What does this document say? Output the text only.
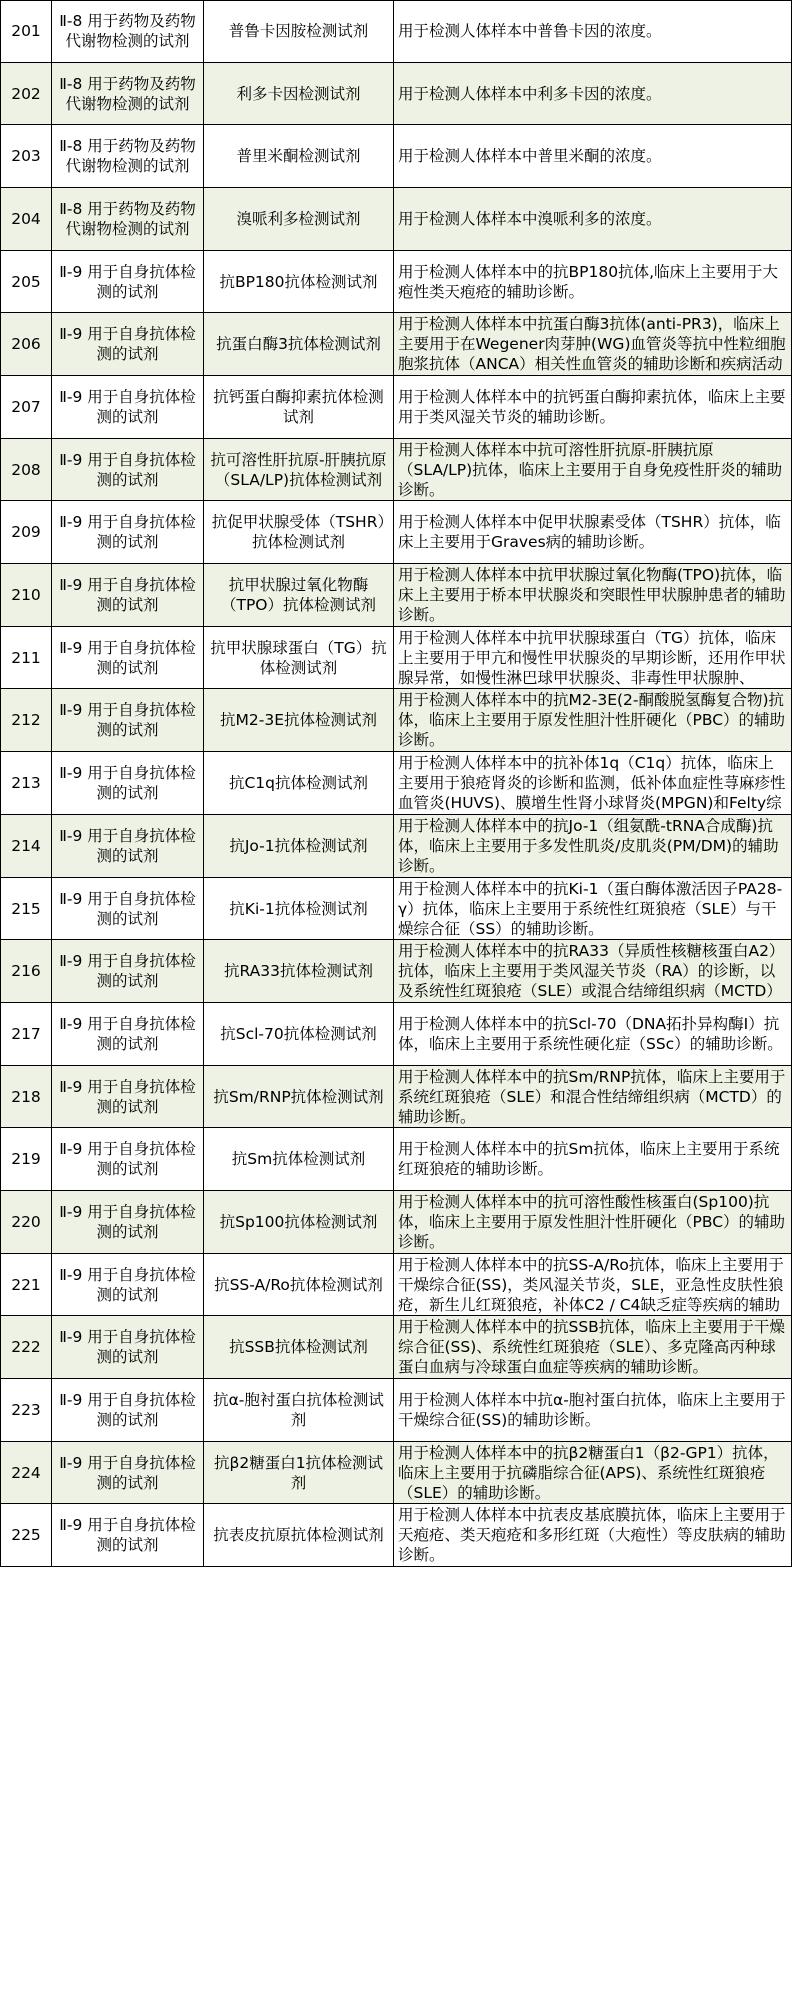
201
Ⅱ-8 用于药物及药物代谢物检测的试剂
普鲁卡因胺检测试剂	用于检测人体样本中普鲁卡因的浓度。
202
Ⅱ-8 用于药物及药物代谢物检测的试剂
利多卡因检测试剂	用于检测人体样本中利多卡因的浓度。
203
Ⅱ-8 用于药物及药物代谢物检测的试剂
普里米酮检测试剂	用于检测人体样本中普里米酮的浓度。
204
Ⅱ-8 用于药物及药物代谢物检测的试剂
溴哌利多检测试剂	用于检测人体样本中溴哌利多的浓度。
205
Ⅱ-9 用于自身抗体检测的试剂
抗BP180抗体检测试剂
用于检测人体样本中的抗BP180抗体,临床上主要用于大疱性类天疱疮的辅助诊断。
206
Ⅱ-9 用于自身抗体检测的试剂
抗蛋白酶3抗体检测试剂
用于检测人体样本中抗蛋白酶3抗体(anti-PR3)，临床上主要用于在Wegener肉芽肿(WG)血管炎等抗中性粒细胞胞浆抗体（ANCA）相关性血管炎的辅助诊断和疾病活动
207
Ⅱ-9 用于自身抗体检测的试剂
抗钙蛋白酶抑素抗体检测试剂
用于检测人体样本中的抗钙蛋白酶抑素抗体，临床上主要用于类风湿关节炎的辅助诊断。
208
Ⅱ-9 用于自身抗体检测的试剂
抗可溶性肝抗原-肝胰抗原（SLA/LP)抗体检测试剂
用于检测人体样本中抗可溶性肝抗原-肝胰抗原（SLA/LP)抗体，临床上主要用于自身免疫性肝炎的辅助诊断。
209
Ⅱ-9 用于自身抗体检测的试剂
抗促甲状腺受体（TSHR）抗体检测试剂
用于检测人体样本中促甲状腺素受体（TSHR）抗体，临床上主要用于Graves病的辅助诊断。
210
Ⅱ-9 用于自身抗体检测的试剂
抗甲状腺过氧化物酶（TPO）抗体检测试剂
用于检测人体样本中抗甲状腺过氧化物酶(TPO)抗体，临床上主要用于桥本甲状腺炎和突眼性甲状腺肿患者的辅助诊断。
211
Ⅱ-9 用于自身抗体检测的试剂
抗甲状腺球蛋白（TG）抗体检测试剂
用于检测人体样本中抗甲状腺球蛋白（TG）抗体，临床上主要用于甲亢和慢性甲状腺炎的早期诊断，还用作甲状腺异常，如慢性淋巴球甲状腺炎、非毒性甲状腺肿、
212
Ⅱ-9 用于自身抗体检测的试剂
抗M2-3E抗体检测试剂
用于检测人体样本中的抗M2-3E(2-酮酸脱氢酶复合物)抗体，临床上主要用于原发性胆汁性肝硬化（PBC）的辅助诊断。
213
Ⅱ-9 用于自身抗体检测的试剂
抗C1q抗体检测试剂
用于检测人体样本中的抗补体1q（C1q）抗体，临床上主要用于狼疮肾炎的诊断和监测，低补体血症性荨麻疹性血管炎(HUVS)、膜增生性肾小球肾炎(MPGN)和Felty综
214
Ⅱ-9 用于自身抗体检测的试剂
抗Jo-1抗体检测试剂
用于检测人体样本中的抗Jo-1（组氨酰-tRNA合成酶)抗体，临床上主要用于多发性肌炎/皮肌炎(PM/DM)的辅助诊断。
215
Ⅱ-9 用于自身抗体检测的试剂
抗Ki-1抗体检测试剂
用于检测人体样本中的抗Ki-1（蛋白酶体激活因子PA28-γ）抗体，临床上主要用于系统性红斑狼疮（SLE）与干燥综合征（SS）的辅助诊断。
216
Ⅱ-9 用于自身抗体检测的试剂
抗RA33抗体检测试剂
用于检测人体样本中的抗RA33（异质性核糖核蛋白A2）抗体，临床上主要用于类风湿关节炎（RA）的诊断，以及系统性红斑狼疮（SLE）或混合结缔组织病（MCTD）
217
Ⅱ-9 用于自身抗体检测的试剂
抗Scl-70抗体检测试剂
用于检测人体样本中的抗Scl-70（DNA拓扑异构酶Ⅰ）抗体，临床上主要用于系统性硬化症（SSc）的辅助诊断。
218
Ⅱ-9 用于自身抗体检测的试剂
抗Sm/RNP抗体检测试剂
用于检测人体样本中的抗Sm/RNP抗体，临床上主要用于系统红斑狼疮（SLE）和混合性结缔组织病（MCTD）的辅助诊断。
219
Ⅱ-9 用于自身抗体检测的试剂
抗Sm抗体检测试剂
用于检测人体样本中的抗Sm抗体，临床上主要用于系统红斑狼疮的辅助诊断。
220
Ⅱ-9 用于自身抗体检测的试剂
抗Sp100抗体检测试剂
用于检测人体样本中的抗可溶性酸性核蛋白(Sp100)抗体，临床上主要用于原发性胆汁性肝硬化（PBC）的辅助诊断。
221
Ⅱ-9 用于自身抗体检测的试剂
抗SS-A/Ro抗体检测试剂
用于检测人体样本中的抗SS-A/Ro抗体，临床上主要用于干燥综合征(SS)，类风湿关节炎，SLE，亚急性皮肤性狼疮，新生儿红斑狼疮，补体C2 / C4缺乏症等疾病的辅助
222
Ⅱ-9 用于自身抗体检测的试剂
抗SSB抗体检测试剂
用于检测人体样本中的抗SSB抗体，临床上主要用于干燥综合征(SS)、系统性红斑狼疮（SLE）、多克隆高丙种球蛋白血病与冷球蛋白血症等疾病的辅助诊断。
223
Ⅱ-9 用于自身抗体检测的试剂
抗α-胞衬蛋白抗体检测试剂
用于检测人体样本中抗α-胞衬蛋白抗体，临床上主要用于干燥综合征(SS)的辅助诊断。
224
Ⅱ-9 用于自身抗体检测的试剂
抗β2糖蛋白1抗体检测试剂
用于检测人体样本中的抗β2糖蛋白1（β2-GP1）抗体，临床上主要用于抗磷脂综合征(APS)、系统性红斑狼疮（SLE）的辅助诊断。
225
Ⅱ-9 用于自身抗体检测的试剂
抗表皮抗原抗体检测试剂
用于检测人体样本中抗表皮基底膜抗体，临床上主要用于天疱疮、类天疱疮和多形红斑（大疱性）等皮肤病的辅助诊断。
